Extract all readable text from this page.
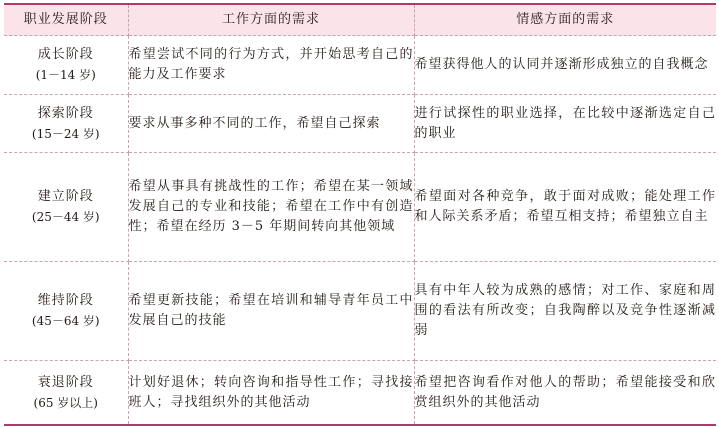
职业发展阶段	工作方面的需求	情感方面的需求

成长阶段
(1－14 岁)	希望尝试不同的行为方式，并开始思考自己的能力及工作要求	希望获得他人的认同并逐渐形成独立的自我概念

探索阶段
(15－24 岁)	要求从事多种不同的工作，希望自己探索	进行试探性的职业选择，在比较中逐渐选定自己的职业

建立阶段
(25－44 岁)	希望从事具有挑战性的工作；希望在某一领域发展自己的专业和技能；希望在工作中有创造性；希望在经历 3－5 年期间转向其他领域	希望面对各种竞争，敢于面对成败；能处理工作和人际关系矛盾；希望互相支持；希望独立自主

维持阶段
(45－64 岁)	希望更新技能；希望在培训和辅导青年员工中发展自己的技能	具有中年人较为成熟的感情；对工作、家庭和周围的看法有所改变；自我陶醉以及竞争性逐渐减弱

衰退阶段
(65 岁以上)	计划好退休；转向咨询和指导性工作；寻找接班人；寻找组织外的其他活动	希望把咨询看作对他人的帮助；希望能接受和欣赏组织外的其他活动
